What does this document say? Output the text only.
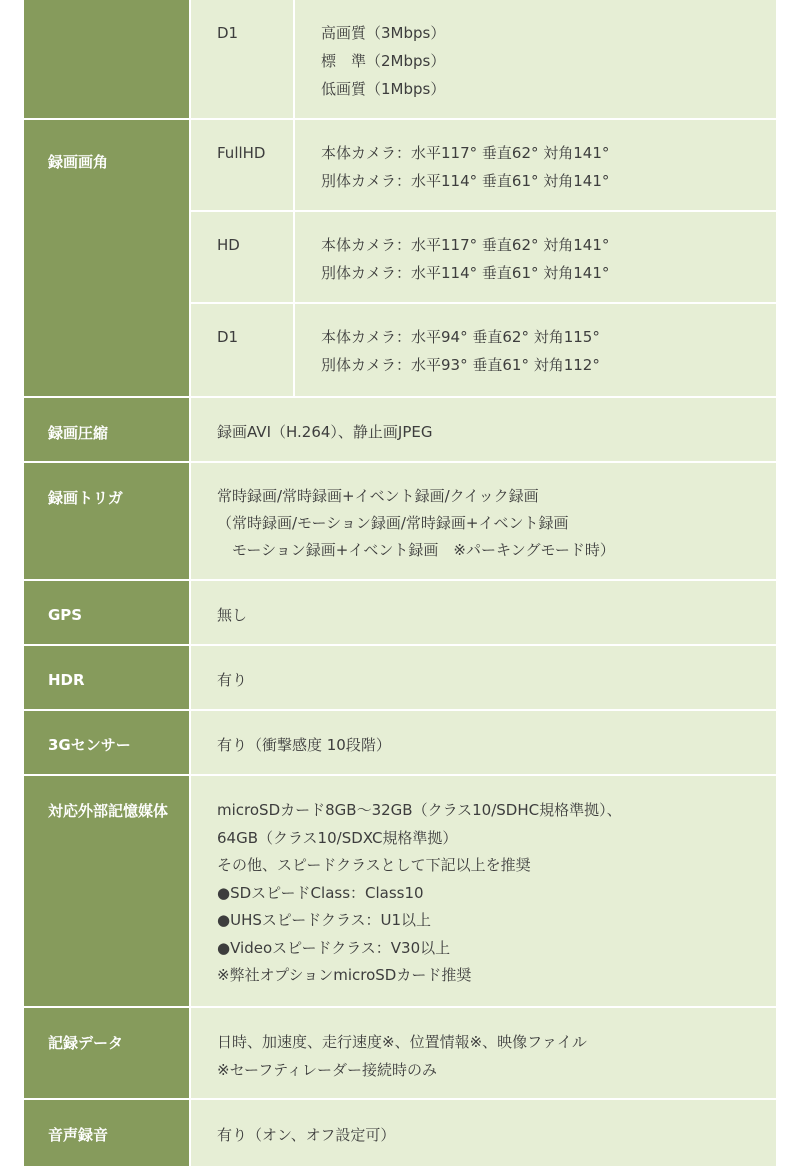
D1	高画質（3Mbps）
標　準（2Mbps）
低画質（1Mbps）
録画画角	FullHD	本体カメラ：水平117° 垂直62° 対角141°
別体カメラ：水平114° 垂直61° 対角141°
HD	本体カメラ：水平117° 垂直62° 対角141°
別体カメラ：水平114° 垂直61° 対角141°
D1	本体カメラ：水平94° 垂直62° 対角115°
別体カメラ：水平93° 垂直61° 対角112°
録画圧縮	録画AVI（H.264）、静止画JPEG
録画トリガ	常時録画/常時録画+イベント録画/クイック録画
（常時録画/モーション録画/常時録画+イベント録画
　モーション録画+イベント録画　※パーキングモード時）
GPS	無し
HDR	有り
3Gセンサー	有り（衝撃感度 10段階）
対応外部記憶媒体	microSDカード8GB～32GB（クラス10/SDHC規格準拠）、
64GB（クラス10/SDXC規格準拠）
その他、スピードクラスとして下記以上を推奨
●SDスピードClass：Class10
●UHSスピードクラス：U1以上
●Videoスピードクラス：V30以上
※弊社オプションmicroSDカード推奨
記録データ	日時、加速度、走行速度※、位置情報※、映像ファイル
※セーフティレーダー接続時のみ
音声録音	有り（オン、オフ設定可）
